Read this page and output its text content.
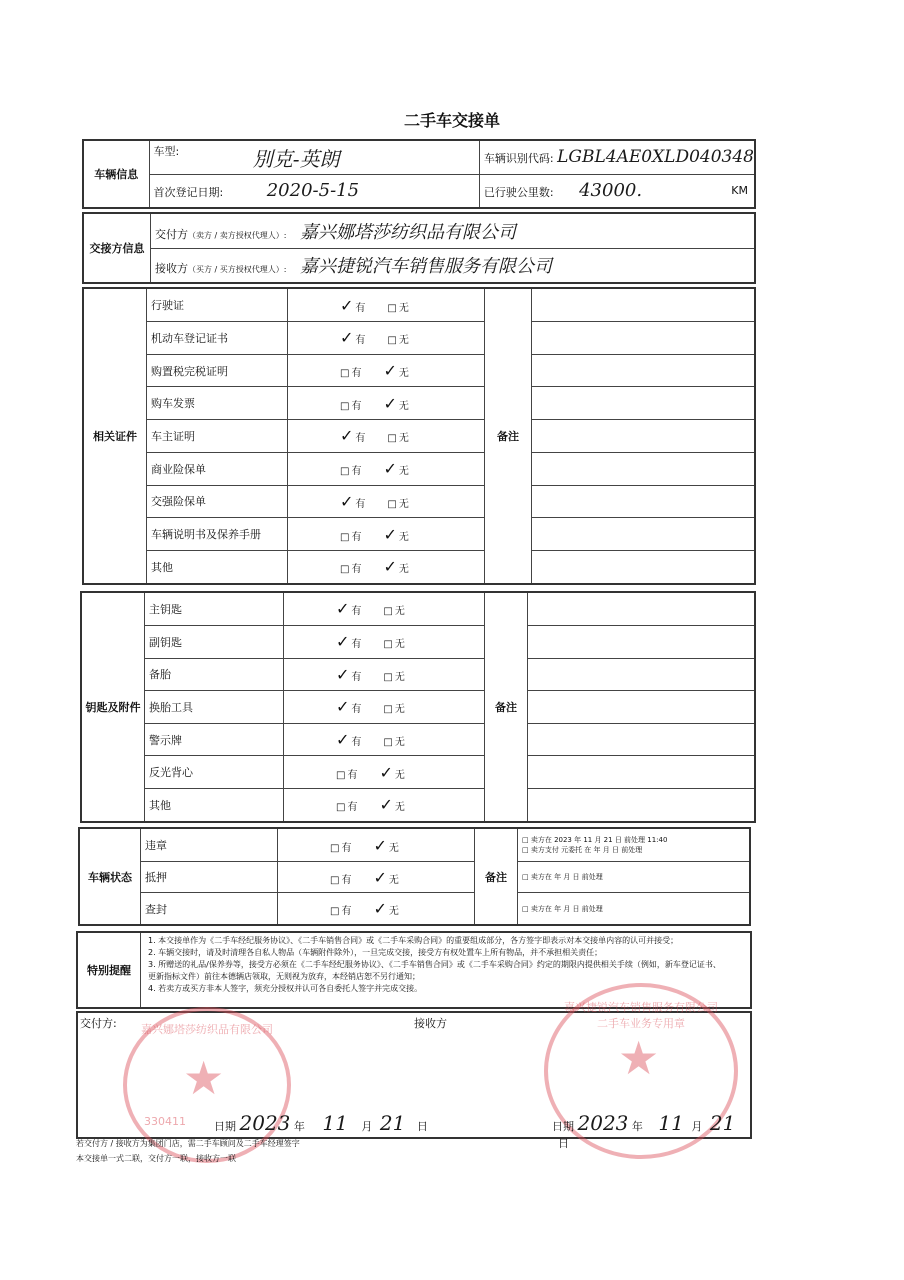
二手车交接单
车辆信息	车型: 別克-英朗	车辆识别代码: LGBL4AE0XLD040348
	首次登记日期: 2020-5-15	已行驶公里数: 43000. KM
交接方信息	交付方（卖方 / 卖方授权代理人）: 嘉兴娜塔莎纺织品有限公司
接收方（买方 / 买方授权代理人）: 嘉兴捷锐汽车销售服务有限公司
相关证件	行驶证	✓ 有 □ 无	备注	
	机动车登记证书	✓ 有 □ 无		
	购置税完税证明	□ 有 ✓ 无		
	购车发票	□ 有 ✓ 无		
	车主证明	✓ 有 □ 无		
	商业险保单	□ 有 ✓ 无		
	交强险保单	✓ 有 □ 无		
	车辆说明书及保养手册	□ 有 ✓ 无		
	其他	□ 有 ✓ 无		
钥匙及附件	主钥匙	✓ 有 □ 无	备注	
	副钥匙	✓ 有 □ 无		
	备胎	✓ 有 □ 无		
	换胎工具	✓ 有 □ 无		
	警示牌	✓ 有 □ 无		
	反光背心	□ 有 ✓ 无		
	其他	□ 有 ✓ 无		
车辆状态	违章	□ 有 ✓ 无	备注	□ 卖方在 2023 年 11 月 21 日 前处理 11:40
□ 卖方支付 元委托 在 年 月 日 前处理

	抵押	□ 有 ✓ 无		□ 卖方在 年 月 日 前处理

	查封	□ 有 ✓ 无		□ 卖方在 年 月 日 前处理
特别提醒
1. 本交接单作为《二手车经纪服务协议》、《二手车销售合同》或《二手车采购合同》的重要组成部分，各方签字即表示对本交接单内容的认可并接受；
2. 车辆交接时，请及时清理各自私人物品（车辆附件除外），一旦完成交接，接受方有权处置车上所有物品，并不承担相关责任；
3. 所赠送的礼品/保养券等，接受方必须在《二手车经纪服务协议》、《二手车销售合同》或《二手车采购合同》约定的期限内提供相关手续（例如，新车登记证书、
更新指标文件）前往本德辆店领取，无则视为放弃，本经销店恕不另行通知；
4. 若卖方或买方非本人签字，须充分授权并认可各自委托人签字并完成交接。
★
嘉兴娜塔莎纺织品有限公司
330411
★
嘉兴捷锐汽车销售服务有限公司 二手车业务专用章
交付方:	接收方
日期 2023 年 11 月 21 日	日期 2023 年 11 月 21 日
若交付方 / 接收方为集团门店，需二手车顾问及二手车经理签字
本交接单一式二联，交付方一联，接收方一联
